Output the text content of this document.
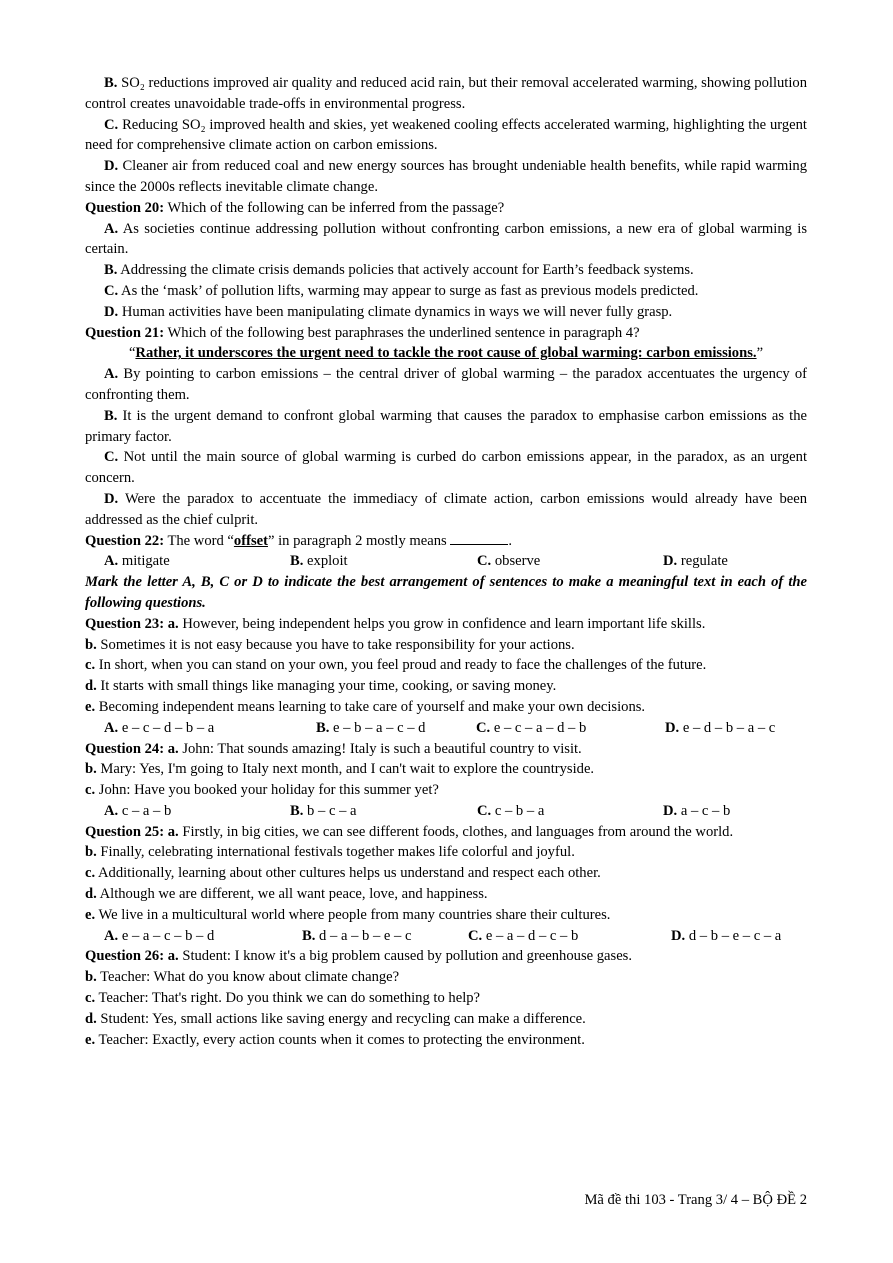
B. SO₂ reductions improved air quality and reduced acid rain, but their removal accelerated warming, showing pollution control creates unavoidable trade-offs in environmental progress.

C. Reducing SO₂ improved health and skies, yet weakened cooling effects accelerated warming, highlighting the urgent need for comprehensive climate action on carbon emissions.

D. Cleaner air from reduced coal and new energy sources has brought undeniable health benefits, while rapid warming since the 2000s reflects inevitable climate change.

Question 20: Which of the following can be inferred from the passage?

A. As societies continue addressing pollution without confronting carbon emissions, a new era of global warming is certain.

B. Addressing the climate crisis demands policies that actively account for Earth’s feedback systems.

C. As the ‘mask’ of pollution lifts, warming may appear to surge as fast as previous models predicted.

D. Human activities have been manipulating climate dynamics in ways we will never fully grasp.

Question 21: Which of the following best paraphrases the underlined sentence in paragraph 4?

“Rather, it underscores the urgent need to tackle the root cause of global warming: carbon emissions.”

A. By pointing to carbon emissions – the central driver of global warming – the paradox accentuates the urgency of confronting them.

B. It is the urgent demand to confront global warming that causes the paradox to emphasise carbon emissions as the primary factor.

C. Not until the main source of global warming is curbed do carbon emissions appear, in the paradox, as an urgent concern.

D. Were the paradox to accentuate the immediacy of climate action, carbon emissions would already have been addressed as the chief culprit.

Question 22: The word “offset” in paragraph 2 mostly means	.

A. mitigate	B. exploit	C. observe	D. regulate

Mark the letter A, B, C or D to indicate the best arrangement of sentences to make a meaningful text in each of the following questions.

Question 23: a. However, being independent helps you grow in confidence and learn important life skills.

b. Sometimes it is not easy because you have to take responsibility for your actions.

c. In short, when you can stand on your own, you feel proud and ready to face the challenges of the future.

d. It starts with small things like managing your time, cooking, or saving money.

e. Becoming independent means learning to take care of yourself and make your own decisions.

A. e – c – d – b – a	B. e – b – a – c – d	C. e – c – a – d – b	D. e – d – b – a – c

Question 24: a. John: That sounds amazing! Italy is such a beautiful country to visit.

b. Mary: Yes, I'm going to Italy next month, and I can't wait to explore the countryside.

c. John: Have you booked your holiday for this summer yet?

A. c – a – b	B. b – c – a	C. c – b – a	D. a – c – b

Question 25: a. Firstly, in big cities, we can see different foods, clothes, and languages from around the world.

b. Finally, celebrating international festivals together makes life colorful and joyful.

c. Additionally, learning about other cultures helps us understand and respect each other.

d. Although we are different, we all want peace, love, and happiness.

e. We live in a multicultural world where people from many countries share their cultures.

A. e – a – c – b – d	B. d – a – b – e – c	C. e – a – d – c – b	D. d – b – e – c – a

Question 26: a. Student: I know it's a big problem caused by pollution and greenhouse gases.

b. Teacher: What do you know about climate change?

c. Teacher: That's right. Do you think we can do something to help?

d. Student: Yes, small actions like saving energy and recycling can make a difference.

e. Teacher: Exactly, every action counts when it comes to protecting the environment.

Mã đề thi 103 - Trang 3/ 4 – BỘ ĐỀ 2
